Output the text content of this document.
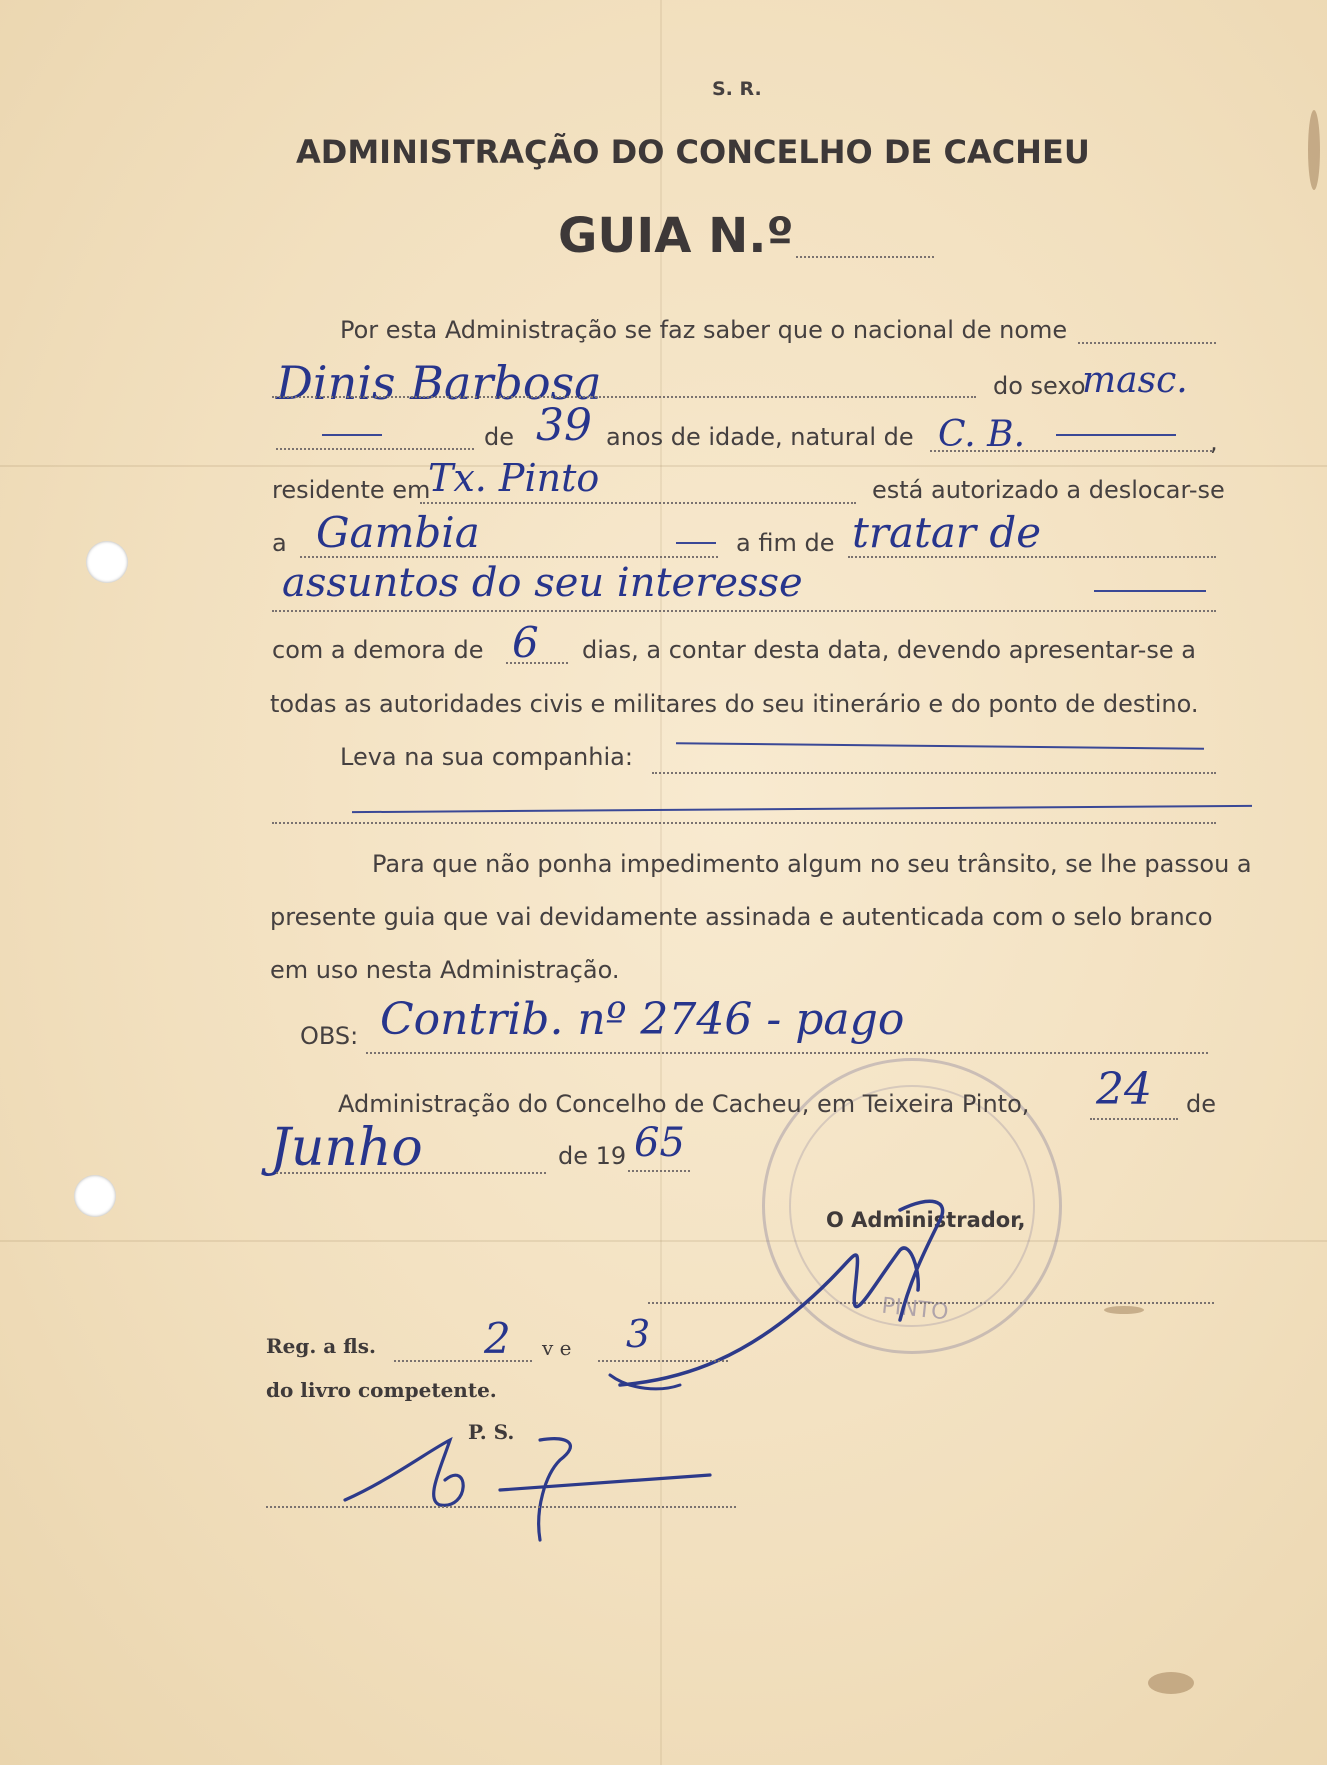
S. R.
ADMINISTRAÇÃO DO CONCELHO DE CACHEU
GUIA N.º
Por esta Administração se faz saber que o nacional de nome
Dinis Barbosa	do sexo
masc.
de 39 anos de idade, natural de C. B.	,
residente em
Tx. Pinto	está autorizado a deslocar-se
a Gambia	a fim de tratar de
assuntos do seu interesse
com a demora de 6 dias, a contar desta data, devendo apresentar-se a
todas as autoridades civis e militares do seu itinerário e do ponto de destino.
Leva na sua companhia:
Para que não ponha impedimento algum no seu trânsito, se lhe passou a
presente guia que vai devidamente assinada e autenticada com o selo branco
em uso nesta Administração.
OBS: Contrib. nº 2746 - pago
PINTO
Administração do Concelho de Cacheu, em Teixeira Pinto, 24 de
Junho	de 19 65
O Administrador,
Reg. a fls.	2 v e 3
do livro competente.
P. S.
